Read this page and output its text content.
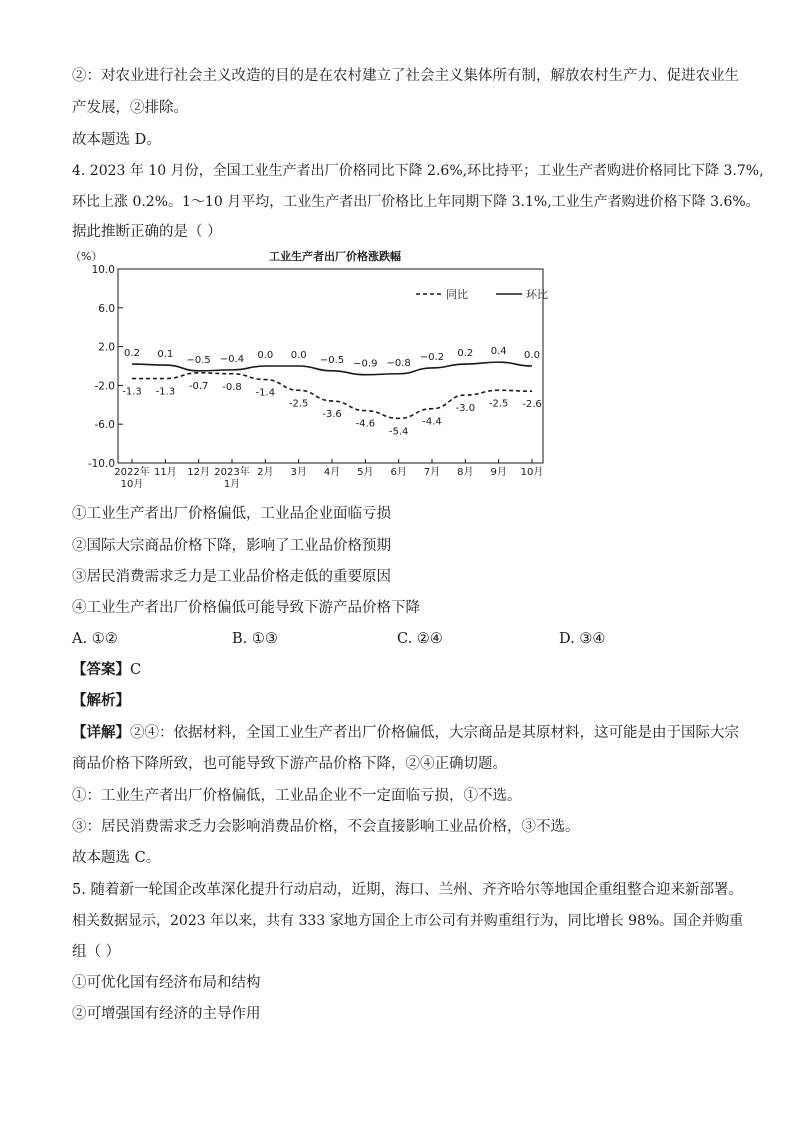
②：对农业进行社会主义改造的目的是在农村建立了社会主义集体所有制，解放农村生产力、促进农业生
产发展，②排除。
故本题选 D。
4. 2023 年 10 月份，全国工业生产者出厂价格同比下降 2.6%,环比持平；工业生产者购进价格同比下降 3.7%,
环比上涨 0.2%。1～10 月平均，工业生产者出厂价格比上年同期下降 3.1%,工业生产者购进价格下降 3.6%。
据此推断正确的是（ ）
（%）	工业生产者出厂价格涨跌幅
10.0
6.0
2.0
-2.0
-6.0
-10.0
2022年
10月
11月 12月 2023年
1月
2月 3月 4月 5月 6月 7月 8月 9月 10月
-1.3 -1.3
-0.7 -0.8
-1.4
-2.5
-3.6
-4.6
-5.4
-4.4
-3.0 -2.5 -2.6
0.2 0.1
−0.5 −0.4 0.0 0.0 −0.5 −0.9 −0.8
−0.2 0.2 0.4 0.0
同比	环比
①工业生产者出厂价格偏低，工业品企业面临亏损
②国际大宗商品价格下降，影响了工业品价格预期
③居民消费需求乏力是工业品价格走低的重要原因
④工业生产者出厂价格偏低可能导致下游产品价格下降
A. ①②	B. ①③	C. ②④	D. ③④
【答案】C
【解析】
【详解】②④：依据材料，全国工业生产者出厂价格偏低，大宗商品是其原材料，这可能是由于国际大宗
商品价格下降所致，也可能导致下游产品价格下降，②④正确切题。
①：工业生产者出厂价格偏低，工业品企业不一定面临亏损，①不选。
③：居民消费需求乏力会影响消费品价格，不会直接影响工业品价格，③不选。
故本题选 C。
5. 随着新一轮国企改革深化提升行动启动，近期，海口、兰州、齐齐哈尔等地国企重组整合迎来新部署。
相关数据显示，2023 年以来，共有 333 家地方国企上市公司有并购重组行为，同比增长 98%。国企并购重
组（ ）
①可优化国有经济布局和结构
②可增强国有经济的主导作用
